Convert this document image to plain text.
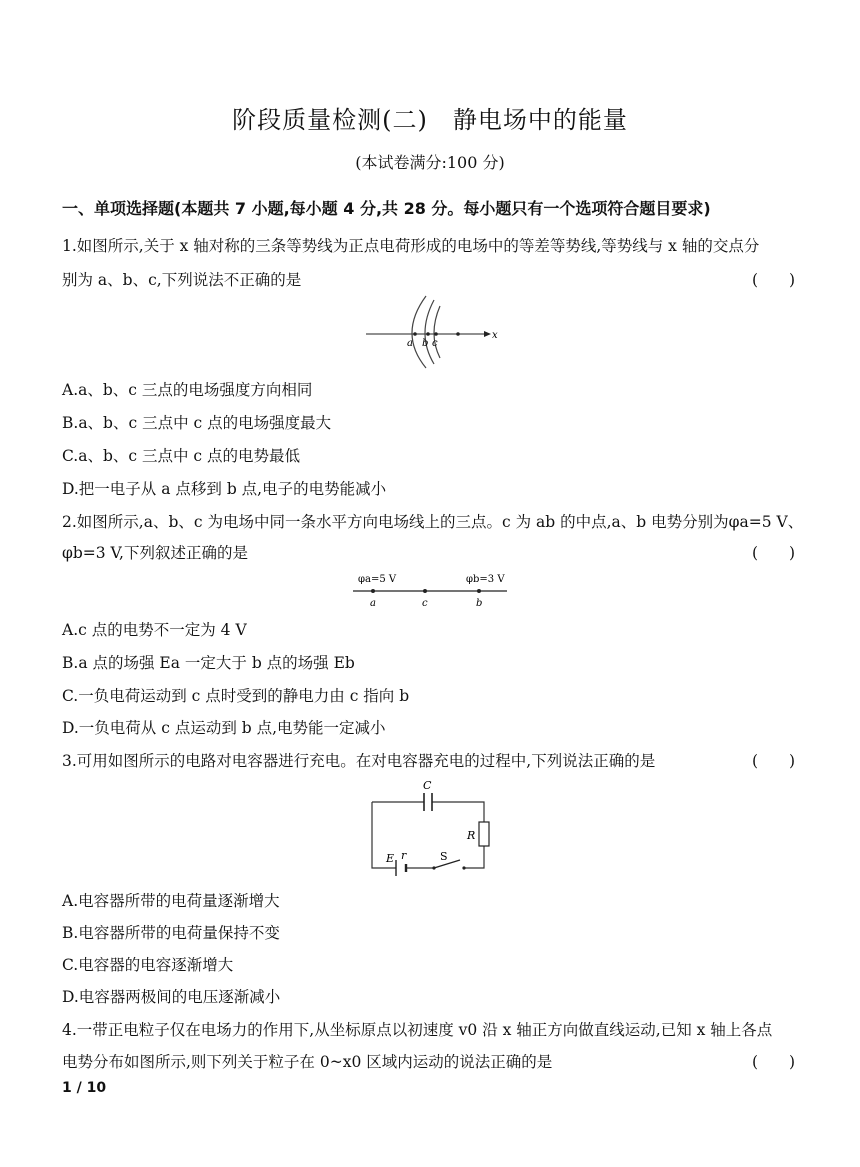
阶段质量检测(二)　静电场中的能量
(本试卷满分:100 分)
一、单项选择题(本题共 7 小题,每小题 4 分,共 28 分。每小题只有一个选项符合题目要求)
1.如图所示,关于 x 轴对称的三条等势线为正点电荷形成的电场中的等差等势线,等势线与 x 轴的交点分
别为 a、b、c,下列说法不正确的是	(　　)
a b c
x
A.a、b、c 三点的电场强度方向相同
B.a、b、c 三点中 c 点的电场强度最大
C.a、b、c 三点中 c 点的电势最低
D.把一电子从 a 点移到 b 点,电子的电势能减小
2.如图所示,a、b、c 为电场中同一条水平方向电场线上的三点。c 为 ab 的中点,a、b 电势分别为φa=5 V、
φb=3 V,下列叙述正确的是	(　　)
φa=5 V	φb=3 V
a	c	b
A.c 点的电势不一定为 4 V
B.a 点的场强 Ea 一定大于 b 点的场强 Eb
C.一负电荷运动到 c 点时受到的静电力由 c 指向 b
D.一负电荷从 c 点运动到 b 点,电势能一定减小
3.可用如图所示的电路对电容器进行充电。在对电容器充电的过程中,下列说法正确的是	(　　)
C
R
E r	S
A.电容器所带的电荷量逐渐增大
B.电容器所带的电荷量保持不变
C.电容器的电容逐渐增大
D.电容器两极间的电压逐渐减小
4.一带正电粒子仅在电场力的作用下,从坐标原点以初速度 v0 沿 x 轴正方向做直线运动,已知 x 轴上各点
电势分布如图所示,则下列关于粒子在 0~x0 区域内运动的说法正确的是	(　　)
1 / 10
